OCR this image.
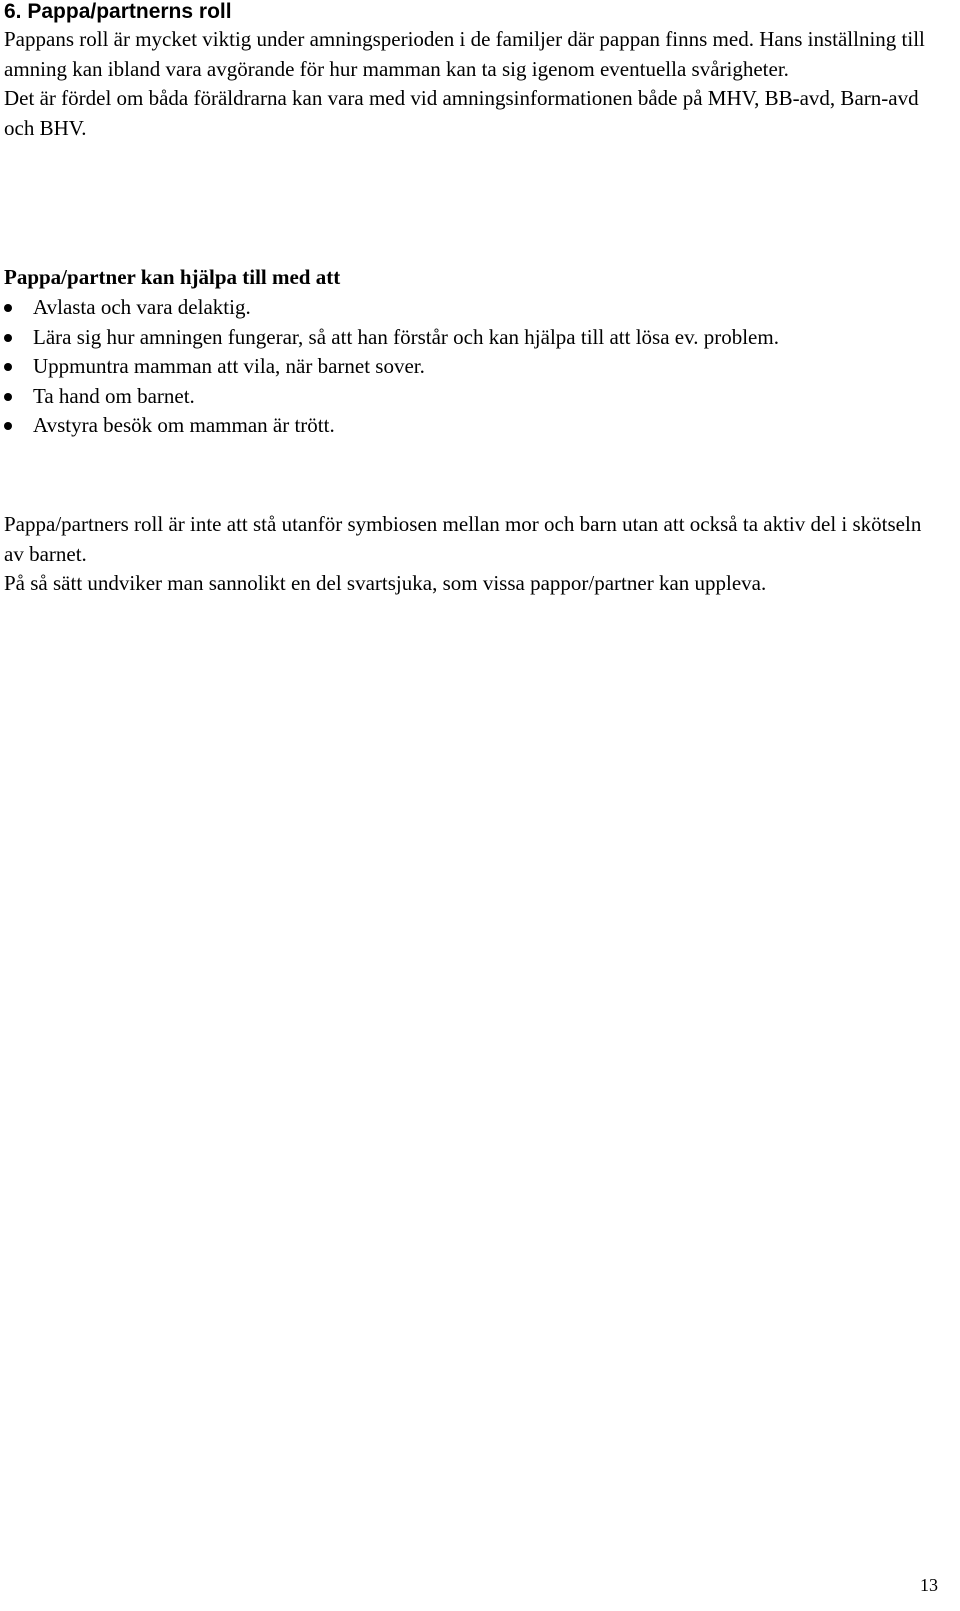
6. Pappa/partnerns roll

Pappans roll är mycket viktig under amningsperioden i de familjer där pappan finns med. Hans inställning till amning kan ibland vara avgörande för hur mamman kan ta sig igenom eventuella svårigheter.

Det är fördel om båda föräldrarna kan vara med vid amningsinformationen både på MHV, BB-avd, Barn-avd och BHV.

Pappa/partner kan hjälpa till med att
Avlasta och vara delaktig.
Lära sig hur amningen fungerar, så att han förstår och kan hjälpa till att lösa ev. problem.
Uppmuntra mamman att vila, när barnet sover.
Ta hand om barnet.
Avstyra besök om mamman är trött.

Pappa/partners roll är inte att stå utanför symbiosen mellan mor och barn utan att också ta aktiv del i skötseln av barnet.

På så sätt undviker man sannolikt en del svartsjuka, som vissa pappor/partner kan uppleva.

13
